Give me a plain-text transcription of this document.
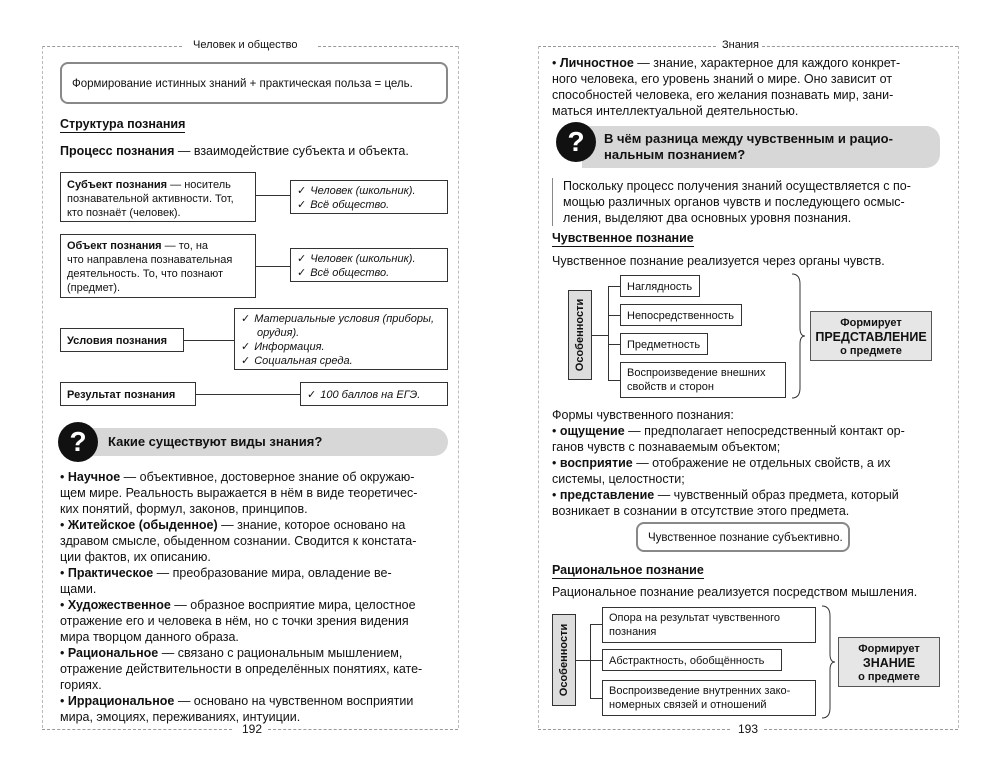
Человек и общество
Формирование истинных знаний + практическая польза = цель.
Структура познания
Процесс познания — взаимодействие субъекта и объекта.
Субъект познания — носитель
познавательной активности. Тот,
кто познаёт (человек).
✓ Человек (школьник).
✓ Всё общество.
Объект познания — то, на
что направлена познавательная
деятельность. То, что познают
(предмет).
✓ Человек (школьник).
✓ Всё общество.
Условия познания
✓ Материальные условия (приборы,
орудия).
✓ Информация.
✓ Социальная среда.
Результат познания	✓ 100 баллов на ЕГЭ.
Какие существуют виды знания?
?
• Научное — объективное, достоверное знание об окружаю-
щем мире. Реальность выражается в нём в виде теоретичес-
ких понятий, формул, законов, принципов.
• Житейское (обыденное) — знание, которое основано на
здравом смысле, обыденном сознании. Сводится к констата-
ции фактов, их описанию.
• Практическое — преобразование мира, овладение ве-
щами.
• Художественное — образное восприятие мира, целостное
отражение его и человека в нём, но с точки зрения видения
мира творцом данного образа.
• Рациональное — связано с рациональным мышлением,
отражение действительности в определённых понятиях, кате-
гориях.
• Иррациональное — основано на чувственном восприятии
мира, эмоциях, переживаниях, интуиции.
192
Знания
• Личностное — знание, характерное для каждого конкрет-
ного человека, его уровень знаний о мире. Оно зависит от
способностей человека, его желания познавать мир, зани-
маться интеллектуальной деятельностью.
В чём разница между чувственным и рацио-
нальным познанием?
?
Поскольку процесс получения знаний осуществляется с по-
мощью различных органов чувств и последующего осмыс-
ления, выделяют два основных уровня познания.
Чувственное познание
Чувственное познание реализуется через органы чувств.
Особенности
Наглядность
Непосредственность
Предметность
Воспроизведение внешних
свойств и сторон
Формирует
ПРЕДСТАВЛЕНИЕ
о предмете
Формы чувственного познания:
• ощущение — предполагает непосредственный контакт ор-
ганов чувств с познаваемым объектом;
• восприятие — отображение не отдельных свойств, а их
системы, целостности;
• представление — чувственный образ предмета, который
возникает в сознании в отсутствие этого предмета.
Чувственное познание субъективно.
Рациональное познание
Рациональное познание реализуется посредством мышления.
Особенности
Опора на результат чувственного
познания
Абстрактность, обобщённость
Воспроизведение внутренних зако-
номерных связей и отношений
Формирует
ЗНАНИЕ
о предмете
193
